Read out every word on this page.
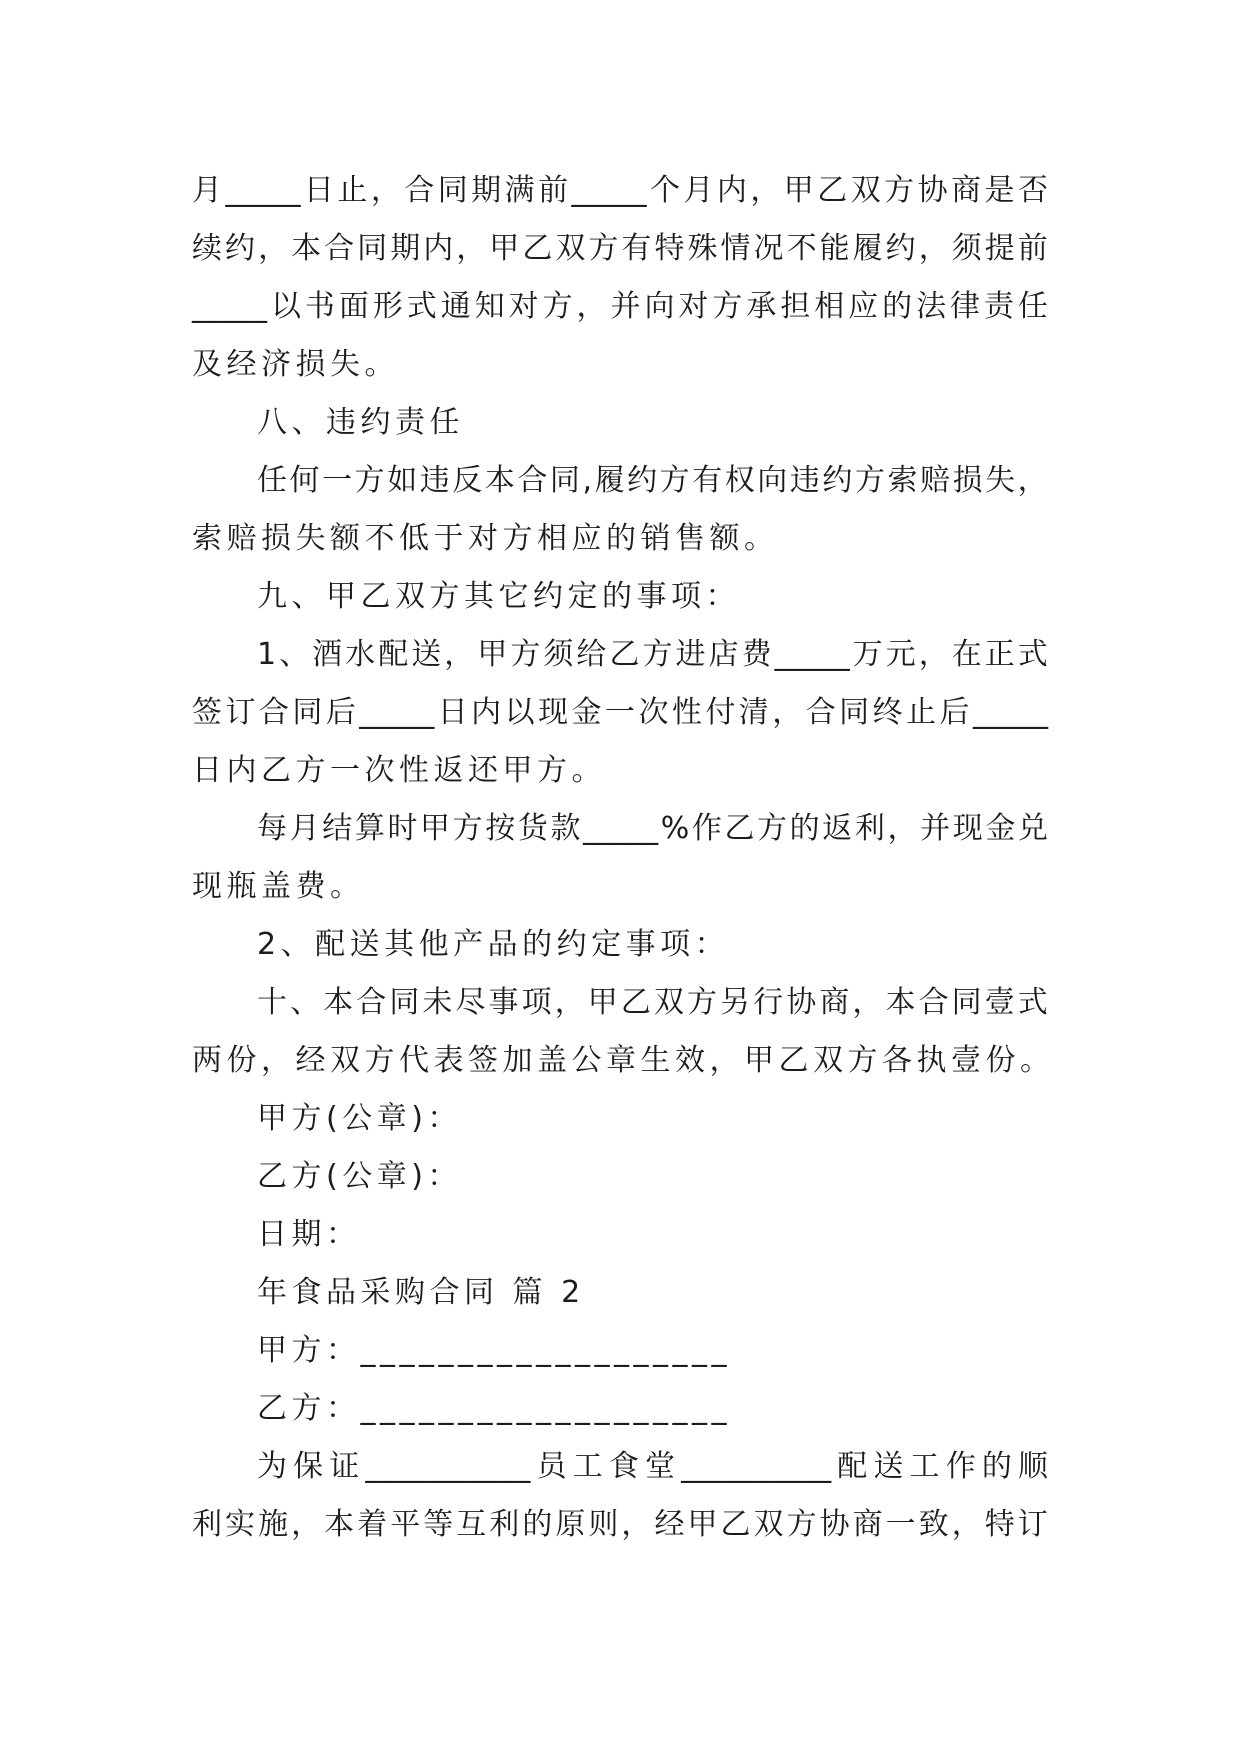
月 _____ 日 止 ， 合 同 期 满 前 _____ 个 月 内 ， 甲 乙 双 方 协 商 是 否
续 约 ， 本 合 同 期 内 ， 甲 乙 双 方 有 特 殊 情 况 不 能 履 约 ， 须 提 前
_____ 以 书 面 形 式 通 知 对 方 ， 并 向 对 方 承 担 相 应 的 法 律 责 任
及经济损失。
八、违约责任
任 何 一 方 如 违 反 本 合 同 , 履 约 方 有 权 向 违 约 方 索 赔 损 失 ，
索赔损失额不低于对方相应的销售额。
九、甲乙双方其它约定的事项：
1 、 酒 水 配 送 ， 甲 方 须 给 乙 方 进 店 费 _____ 万 元 ， 在 正 式
签 订 合 同 后 _____ 日 内 以 现 金 一 次 性 付 清 ， 合 同 终 止 后 _____
日内乙方一次性返还甲方。
每 月 结 算 时 甲 方 按 货 款 _____ % 作 乙 方 的 返 利 ， 并 现 金 兑
现瓶盖费。
2、配送其他产品的约定事项：
十 、 本 合 同 未 尽 事 项 ， 甲 乙 双 方 另 行 协 商 ， 本 合 同 壹 式
两份，经双方代表签加盖公章生效，甲乙双方各执壹份。
甲方(公章)：
乙方(公章)：
日期：
年食品采购合同 篇 2
甲方：___________________
乙方：___________________
为 保 证 ___________ 员 工 食 堂 __________ 配 送 工 作 的 顺
利 实 施 ， 本 着 平 等 互 利 的 原 则 ， 经 甲 乙 双 方 协 商 一 致 ， 特 订
